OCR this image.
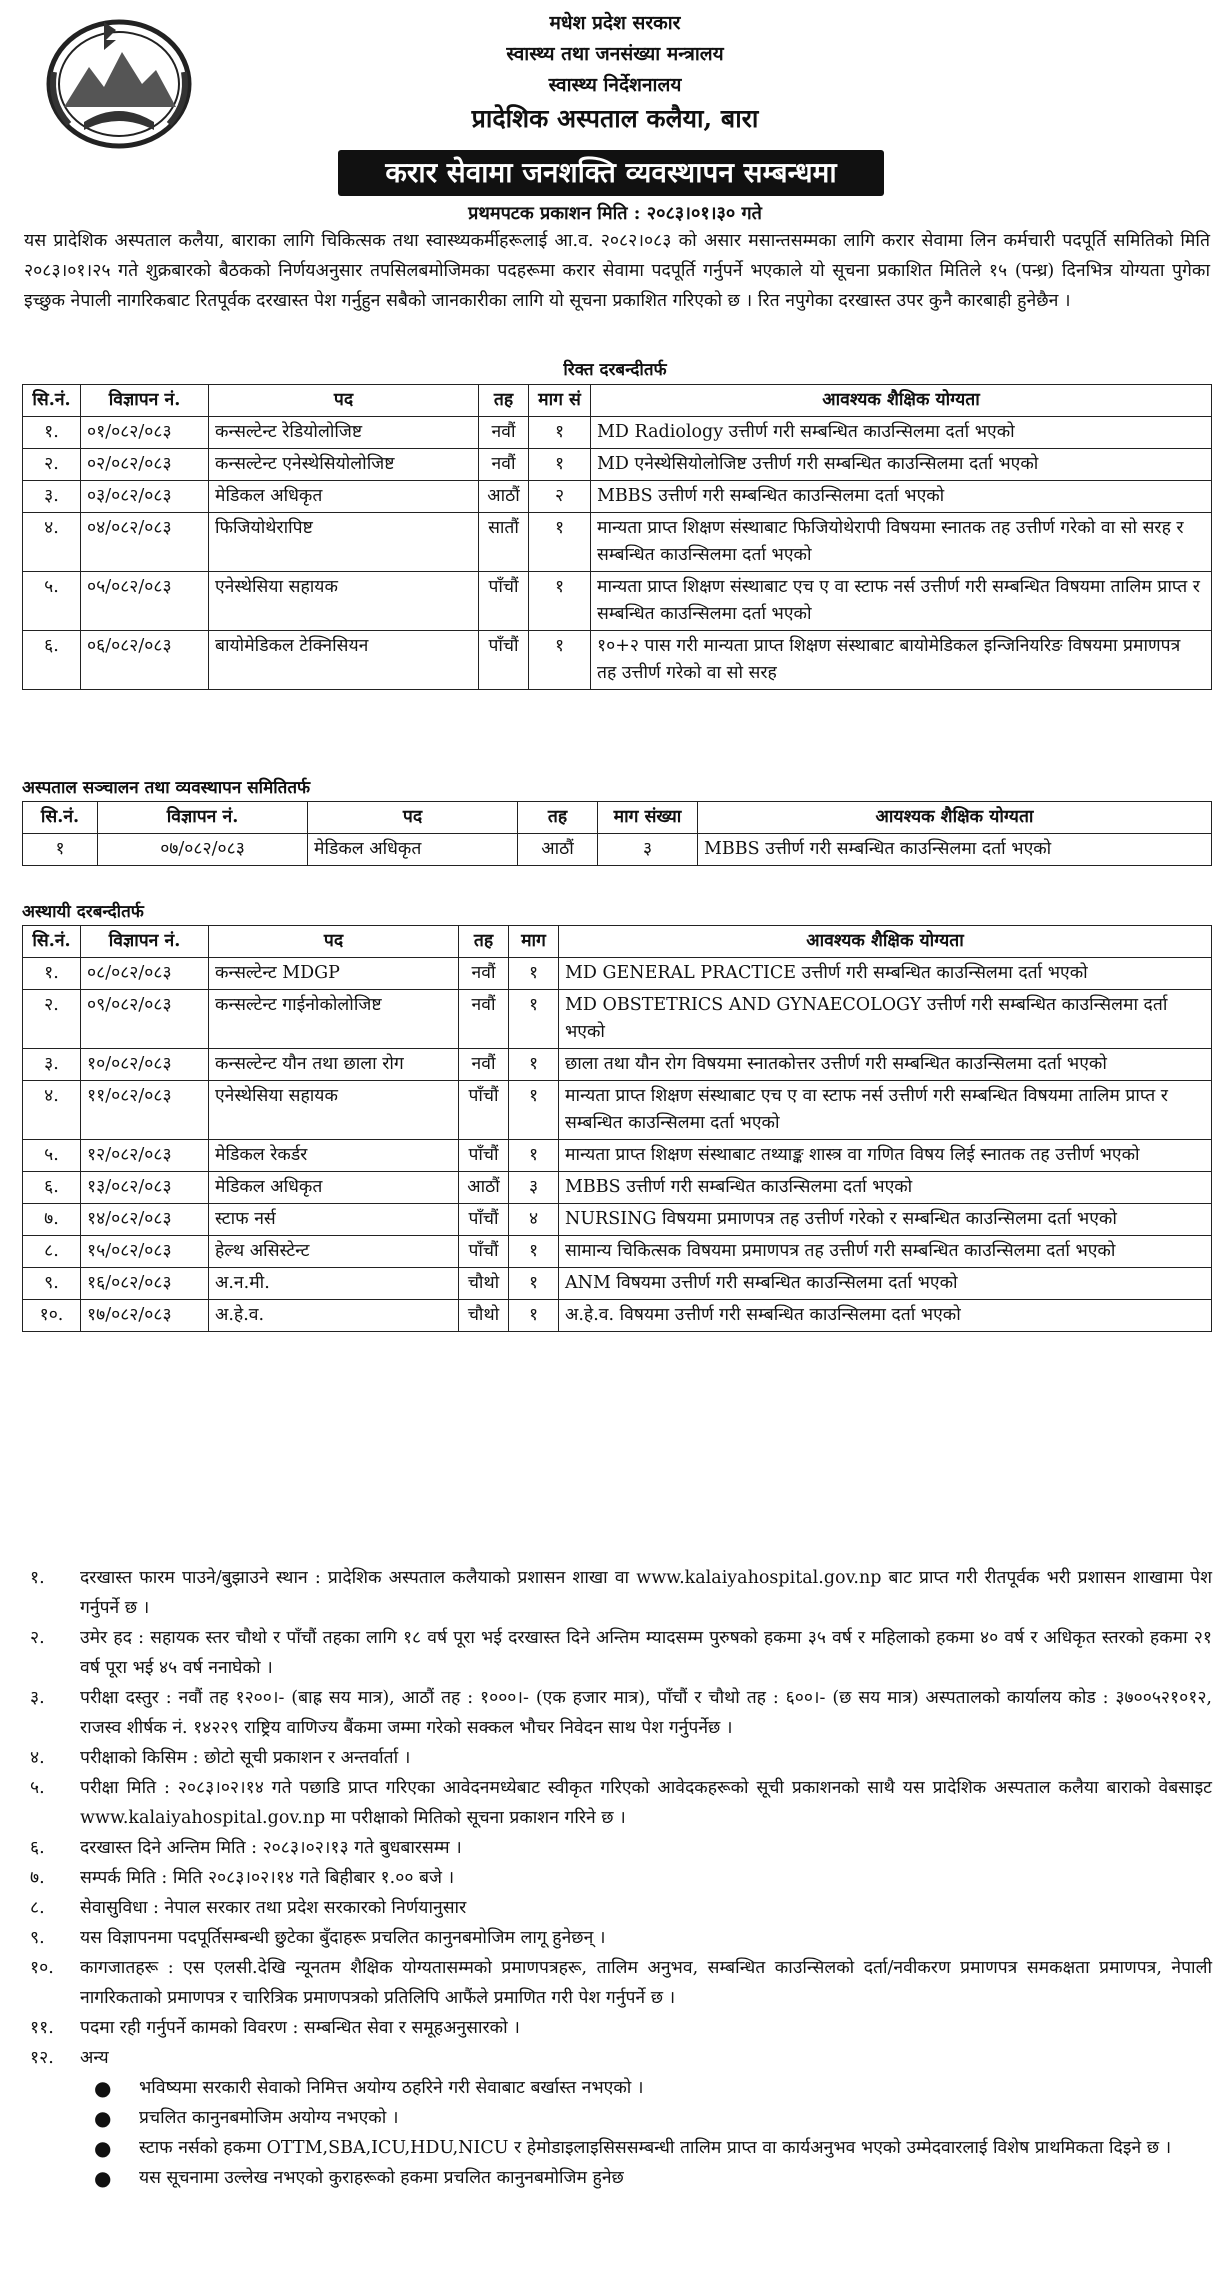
मधेश प्रदेश सरकार
स्वास्थ्य तथा जनसंख्या मन्त्रालय
स्वास्थ्य निर्देशनालय
प्रादेशिक अस्पताल कलैया, बारा
करार सेवामा जनशक्ति व्यवस्थापन सम्बन्धमा
प्रथमपटक प्रकाशन मिति : २०८३।०१।३० गते
यस प्रादेशिक अस्पताल कलैया, बाराका लागि चिकित्सक तथा स्वास्थ्यकर्मीहरूलाई आ.व. २०८२।०८३ को असार मसान्तसम्मका लागि करार सेवामा लिन कर्मचारी पदपूर्ति समितिको मिति २०८३।०१।२५ गते शुक्रबारको बैठकको निर्णयअनुसार तपसिलबमोजिमका पदहरूमा करार सेवामा पदपूर्ति गर्नुपर्ने भएकाले यो सूचना प्रकाशित मितिले १५ (पन्ध्र) दिनभित्र योग्यता पुगेका इच्छुक नेपाली नागरिकबाट रितपूर्वक दरखास्त पेश गर्नुहुन सबैको जानकारीका लागि यो सूचना प्रकाशित गरिएको छ । रित नपुगेका दरखास्त उपर कुनै कारबाही हुनेछैन ।
रिक्त दरबन्दीतर्फ
सि.नं.	विज्ञापन नं.	पद	तह	माग सं	आवश्यक शैक्षिक योग्यता
१.	०१/०८२/०८३	कन्सल्टेन्ट रेडियोलोजिष्ट	नवौं	१	MD Radiology उत्तीर्ण गरी सम्बन्धित काउन्सिलमा दर्ता भएको
२.	०२/०८२/०८३	कन्सल्टेन्ट एनेस्थेसियोलोजिष्ट	नवौं	१	MD एनेस्थेसियोलोजिष्ट उत्तीर्ण गरी सम्बन्धित काउन्सिलमा दर्ता भएको
३.	०३/०८२/०८३	मेडिकल अधिकृत	आठौं	२	MBBS उत्तीर्ण गरी सम्बन्धित काउन्सिलमा दर्ता भएको
४.	०४/०८२/०८३	फिजियोथेरापिष्ट	सातौं	१	मान्यता प्राप्त शिक्षण संस्थाबाट फिजियोथेरापी विषयमा स्नातक तह उत्तीर्ण गरेको वा सो सरह र सम्बन्धित काउन्सिलमा दर्ता भएको
५.	०५/०८२/०८३	एनेस्थेसिया सहायक	पाँचौं	१	मान्यता प्राप्त शिक्षण संस्थाबाट एच ए वा स्टाफ नर्स उत्तीर्ण गरी सम्बन्धित विषयमा तालिम प्राप्त र सम्बन्धित काउन्सिलमा दर्ता भएको
६.	०६/०८२/०८३	बायोमेडिकल टेक्निसियन	पाँचौं	१	१०+२ पास गरी मान्यता प्राप्त शिक्षण संस्थाबाट बायोमेडिकल इन्जिनियरिङ विषयमा प्रमाणपत्र तह उत्तीर्ण गरेको वा सो सरह
अस्पताल सञ्चालन तथा व्यवस्थापन समितितर्फ
सि.नं.	विज्ञापन नं.	पद	तह	माग संख्या	आयश्यक शैक्षिक योग्यता
१	०७/०८२/०८३	मेडिकल अधिकृत	आठौं	३	MBBS उत्तीर्ण गरी सम्बन्धित काउन्सिलमा दर्ता भएको
अस्थायी दरबन्दीतर्फ
सि.नं.	विज्ञापन नं.	पद	तह	माग	आवश्यक शैक्षिक योग्यता
१.	०८/०८२/०८३	कन्सल्टेन्ट MDGP	नवौं	१	MD GENERAL PRACTICE उत्तीर्ण गरी सम्बन्धित काउन्सिलमा दर्ता भएको
२.	०९/०८२/०८३	कन्सल्टेन्ट गाईनोकोलोजिष्ट	नवौं	१	MD OBSTETRICS AND GYNAECOLOGY उत्तीर्ण गरी सम्बन्धित काउन्सिलमा दर्ता भएको
३.	१०/०८२/०८३	कन्सल्टेन्ट यौन तथा छाला रोग	नवौं	१	छाला तथा यौन रोग विषयमा स्नातकोत्तर उत्तीर्ण गरी सम्बन्धित काउन्सिलमा दर्ता भएको
४.	११/०८२/०८३	एनेस्थेसिया सहायक	पाँचौं	१	मान्यता प्राप्त शिक्षण संस्थाबाट एच ए वा स्टाफ नर्स उत्तीर्ण गरी सम्बन्धित विषयमा तालिम प्राप्त र सम्बन्धित काउन्सिलमा दर्ता भएको
५.	१२/०८२/०८३	मेडिकल रेकर्डर	पाँचौं	१	मान्यता प्राप्त शिक्षण संस्थाबाट तथ्याङ्क शास्त्र वा गणित विषय लिई स्नातक तह उत्तीर्ण भएको
६.	१३/०८२/०८३	मेडिकल अधिकृत	आठौं	३	MBBS उत्तीर्ण गरी सम्बन्धित काउन्सिलमा दर्ता भएको
७.	१४/०८२/०८३	स्टाफ नर्स	पाँचौं	४	NURSING विषयमा प्रमाणपत्र तह उत्तीर्ण गरेको र सम्बन्धित काउन्सिलमा दर्ता भएको
८.	१५/०८२/०८३	हेल्थ असिस्टेन्ट	पाँचौं	१	सामान्य चिकित्सक विषयमा प्रमाणपत्र तह उत्तीर्ण गरी सम्बन्धित काउन्सिलमा दर्ता भएको
९.	१६/०८२/०८३	अ.न.मी.	चौथो	१	ANM विषयमा उत्तीर्ण गरी सम्बन्धित काउन्सिलमा दर्ता भएको
१०.	१७/०८२/०८३	अ.हे.व.	चौथो	१	अ.हे.व. विषयमा उत्तीर्ण गरी सम्बन्धित काउन्सिलमा दर्ता भएको
१.	दरखास्त फारम पाउने/बुझाउने स्थान : प्रादेशिक अस्पताल कलैयाको प्रशासन शाखा वा www.kalaiyahospital.gov.np बाट प्राप्त गरी रीतपूर्वक भरी प्रशासन शाखामा पेश गर्नुपर्ने छ ।
२.	उमेर हद : सहायक स्तर चौथो र पाँचौं तहका लागि १८ वर्ष पूरा भई दरखास्त दिने अन्तिम म्यादसम्म पुरुषको हकमा ३५ वर्ष र महिलाको हकमा ४० वर्ष र अधिकृत स्तरको हकमा २१ वर्ष पूरा भई ४५ वर्ष ननाघेको ।
३.	परीक्षा दस्तुर : नवौं तह १२००।- (बाह्र सय मात्र), आठौं तह : १०००।- (एक हजार मात्र), पाँचौं र चौथो तह : ६००।- (छ सय मात्र) अस्पतालको कार्यालय कोड : ३७००५२१०१२, राजस्व शीर्षक नं. १४२२९ राष्ट्रिय वाणिज्य बैंकमा जम्मा गरेको सक्कल भौचर निवेदन साथ पेश गर्नुपर्नेछ ।
४.	परीक्षाको किसिम : छोटो सूची प्रकाशन र अन्तर्वार्ता ।
५.	परीक्षा मिति : २०८३।०२।१४ गते पछाडि प्राप्त गरिएका आवेदनमध्येबाट स्वीकृत गरिएको आवेदकहरूको सूची प्रकाशनको साथै यस प्रादेशिक अस्पताल कलैया बाराको वेबसाइट www.kalaiyahospital.gov.np मा परीक्षाको मितिको सूचना प्रकाशन गरिने छ ।
६.	दरखास्त दिने अन्तिम मिति : २०८३।०२।१३ गते बुधबारसम्म ।
७.	सम्पर्क मिति : मिति २०८३।०२।१४ गते बिहीबार १.०० बजे ।
८.	सेवासुविधा : नेपाल सरकार तथा प्रदेश सरकारको निर्णयानुसार
९.	यस विज्ञापनमा पदपूर्तिसम्बन्धी छुटेका बुँदाहरू प्रचलित कानुनबमोजिम लागू हुनेछन् ।
१०.	कागजातहरू : एस एलसी.देखि न्यूनतम शैक्षिक योग्यतासम्मको प्रमाणपत्रहरू, तालिम अनुभव, सम्बन्धित काउन्सिलको दर्ता/नवीकरण प्रमाणपत्र समकक्षता प्रमाणपत्र, नेपाली नागरिकताको प्रमाणपत्र र चारित्रिक प्रमाणपत्रको प्रतिलिपि आफैंले प्रमाणित गरी पेश गर्नुपर्ने छ ।
११.	पदमा रही गर्नुपर्ने कामको विवरण : सम्बन्धित सेवा र समूहअनुसारको ।
१२.	अन्य
●	भविष्यमा सरकारी सेवाको निमित्त अयोग्य ठहरिने गरी सेवाबाट बर्खास्त नभएको ।
●	प्रचलित कानुनबमोजिम अयोग्य नभएको ।
●	स्टाफ नर्सको हकमा OTTM,SBA,ICU,HDU,NICU र हेमोडाइलाइसिससम्बन्धी तालिम प्राप्त वा कार्यअनुभव भएको उम्मेदवारलाई विशेष प्राथमिकता दिइने छ ।
●	यस सूचनामा उल्लेख नभएको कुराहरूको हकमा प्रचलित कानुनबमोजिम हुनेछ
